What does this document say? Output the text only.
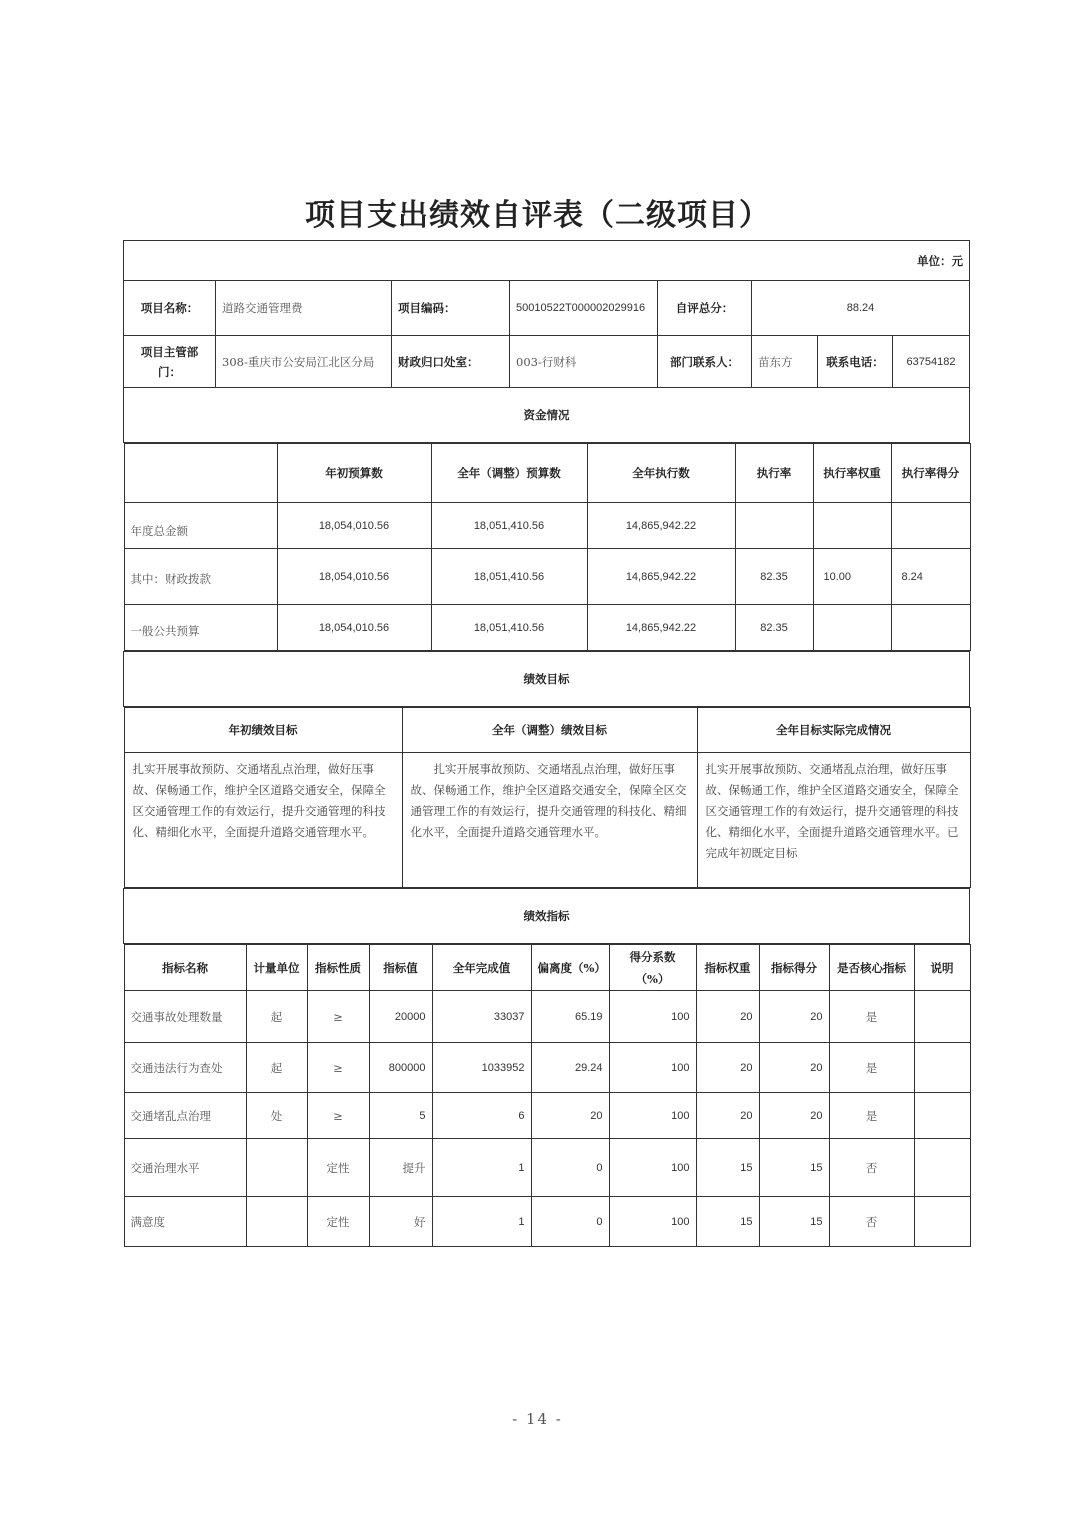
项目支出绩效自评表（二级项目）
单位：元
项目名称：	道路交通管理费	项目编码：	50010522T000002029916	自评总分：	88.24
项目主管部门：	308-重庆市公安局江北区分局	财政归口处室：	003-行财科	部门联系人：	苗东方	联系电话：	63754182
资金情况

	年初预算数	全年（调整）预算数	全年执行数	执行率	执行率权重	执行率得分
年度总金额	18,054,010.56	18,051,410.56	14,865,942.22			
其中：财政拨款	18,054,010.56	18,051,410.56	14,865,942.22	82.35	10.00	8.24
一般公共预算	18,054,010.56	18,051,410.56	14,865,942.22	82.35		

绩效目标

年初绩效目标	全年（调整）绩效目标	全年目标实际完成情况
扎实开展事故预防、交通堵乱点治理，做好压事故、保畅通工作，维护全区道路交通安全，保障全区交通管理工作的有效运行，提升交通管理的科技化、精细化水平，全面提升道路交通管理水平。	扎实开展事故预防、交通堵乱点治理，做好压事故、保畅通工作，维护全区道路交通安全，保障全区交通管理工作的有效运行，提升交通管理的科技化、精细化水平，全面提升道路交通管理水平。	扎实开展事故预防、交通堵乱点治理，做好压事故、保畅通工作，维护全区道路交通安全，保障全区交通管理工作的有效运行，提升交通管理的科技化、精细化水平，全面提升道路交通管理水平。已完成年初既定目标

绩效指标

指标名称	计量单位	指标性质	指标值	全年完成值	偏离度（%）	得分系数（%）	指标权重	指标得分	是否核心指标	说明
交通事故处理数量	起	≥	20000	33037	65.19	100	20	20	是	
交通违法行为查处	起	≥	800000	1033952	29.24	100	20	20	是	
交通堵乱点治理	处	≥	5	6	20	100	20	20	是	
交通治理水平		定性	提升	1	0	100	15	15	否	
满意度		定性	好	1	0	100	15	15	否	
- 14 -
